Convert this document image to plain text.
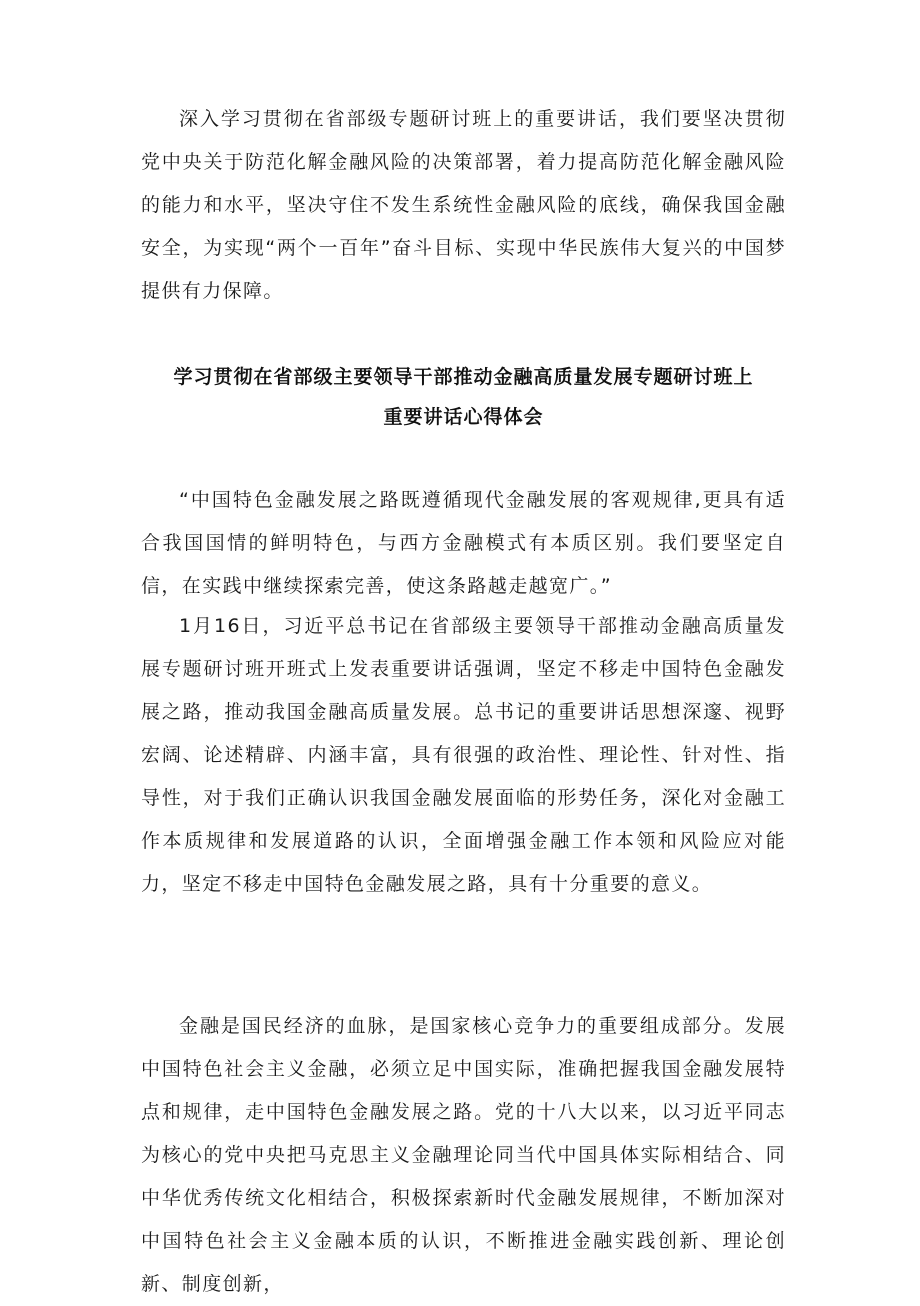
深入学习贯彻在省部级专题研讨班上的重要讲话，我们要坚决贯彻党中央关于防范化解金融风险的决策部署，着力提高防范化解金融风险的能力和水平，坚决守住不发生系统性金融风险的底线，确保我国金融安全，为实现“两个一百年”奋斗目标、实现中华民族伟大复兴的中国梦提供有力保障。

学习贯彻在省部级主要领导干部推动金融高质量发展专题研讨班上
重要讲话心得体会

“中国特色金融发展之路既遵循现代金融发展的客观规律,更具有适合我国国情的鲜明特色，与西方金融模式有本质区别。我们要坚定自信，在实践中继续探索完善，使这条路越走越宽广。”

1月16日，习近平总书记在省部级主要领导干部推动金融高质量发展专题研讨班开班式上发表重要讲话强调，坚定不移走中国特色金融发展之路，推动我国金融高质量发展。总书记的重要讲话思想深邃、视野宏阔、论述精辟、内涵丰富，具有很强的政治性、理论性、针对性、指导性，对于我们正确认识我国金融发展面临的形势任务，深化对金融工作本质规律和发展道路的认识，全面增强金融工作本领和风险应对能力，坚定不移走中国特色金融发展之路，具有十分重要的意义。

金融是国民经济的血脉，是国家核心竞争力的重要组成部分。发展中国特色社会主义金融，必须立足中国实际，准确把握我国金融发展特点和规律，走中国特色金融发展之路。党的十八大以来，以习近平同志为核心的党中央把马克思主义金融理论同当代中国具体实际相结合、同中华优秀传统文化相结合，积极探索新时代金融发展规律，不断加深对中国特色社会主义金融本质的认识，不断推进金融实践创新、理论创新、制度创新，
